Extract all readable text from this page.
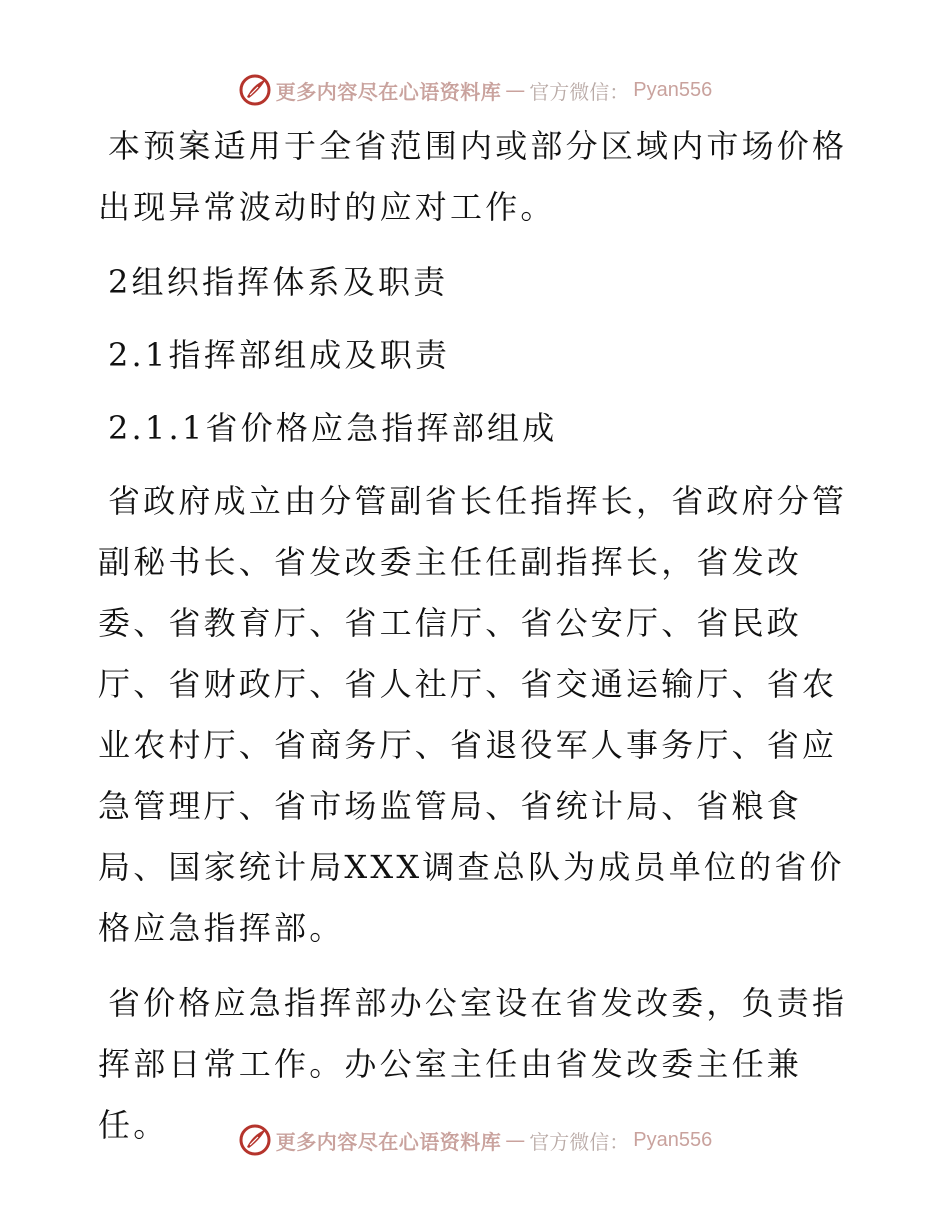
更多内容尽在心语资料库 — 官方微信： Pyan556

本预案适用于全省范围内或部分区域内市场价格出现异常波动时的应对工作。

2组织指挥体系及职责

2.1指挥部组成及职责

2.1.1省价格应急指挥部组成

省政府成立由分管副省长任指挥长，省政府分管副秘书长、省发改委主任任副指挥长，省发改委、省教育厅、省工信厅、省公安厅、省民政厅、省财政厅、省人社厅、省交通运输厅、省农业农村厅、省商务厅、省退役军人事务厅、省应急管理厅、省市场监管局、省统计局、省粮食局、国家统计局XXX调查总队为成员单位的省价格应急指挥部。

省价格应急指挥部办公室设在省发改委，负责指挥部日常工作。办公室主任由省发改委主任兼任。	更多内容尽在心语资料库 — 官方微信： Pyan556
